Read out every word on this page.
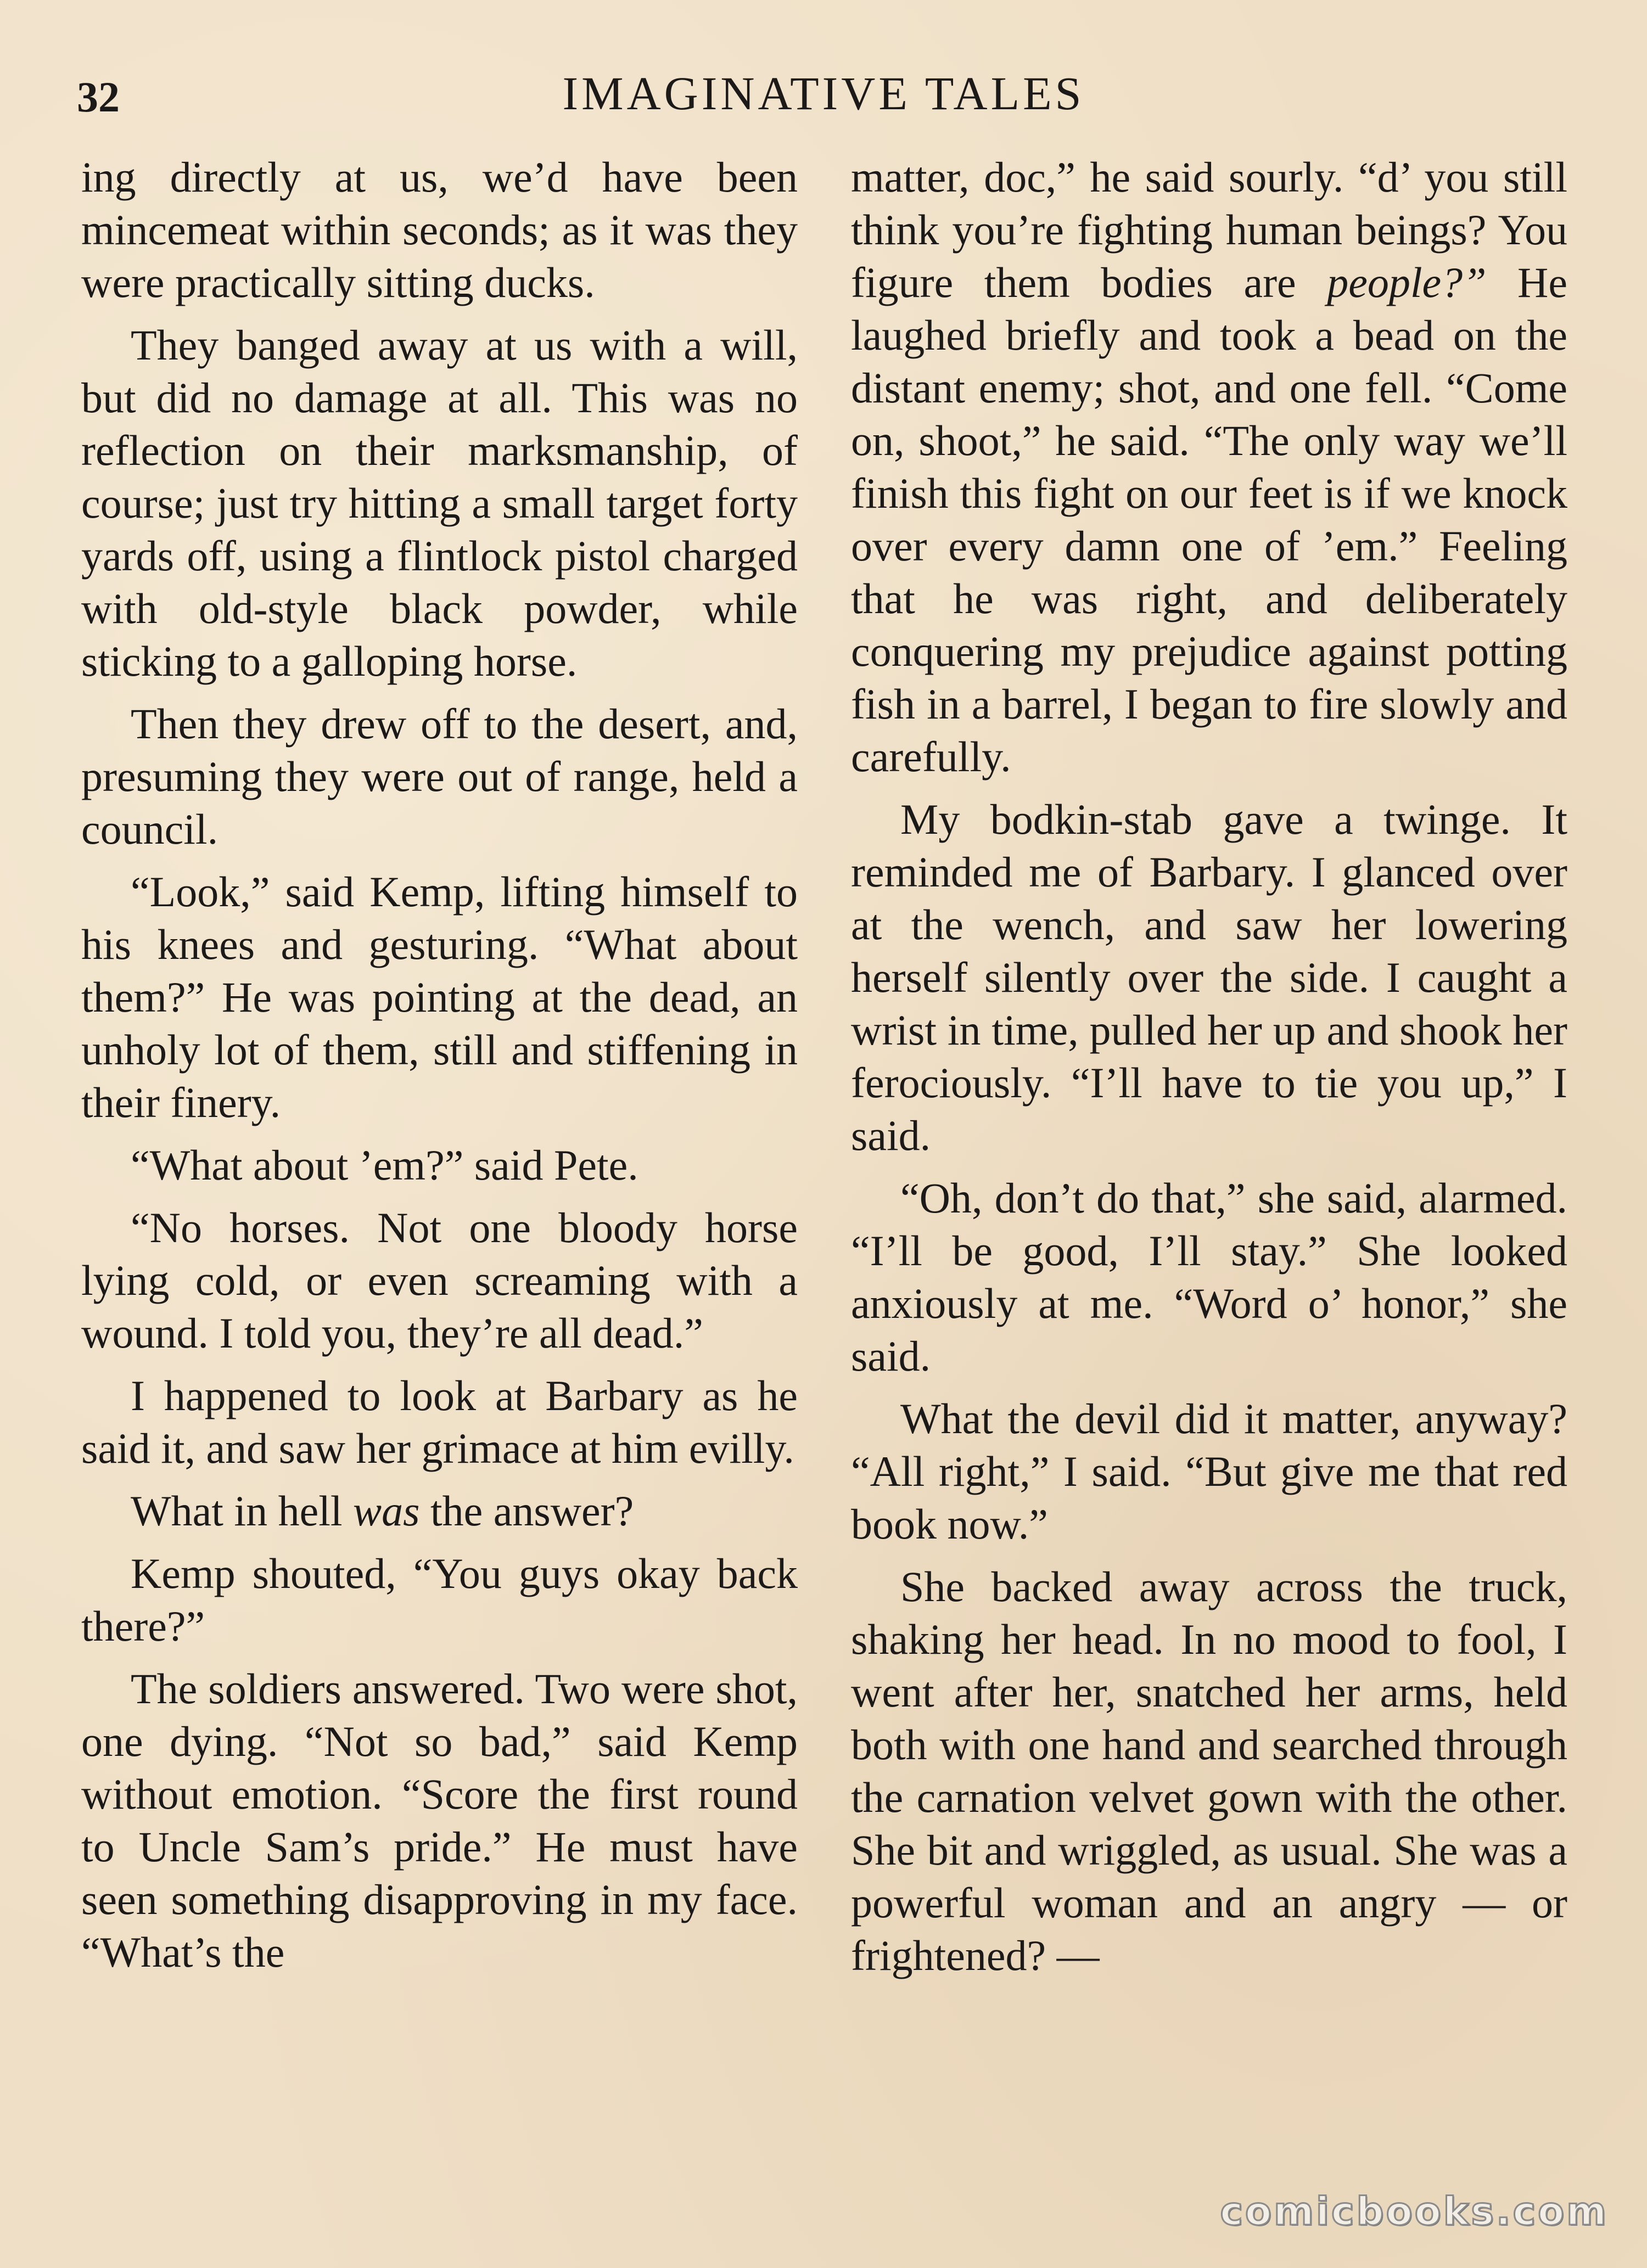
32	IMAGINATIVE TALES

ing directly at us, we’d have been mincemeat within seconds; as it was they were practically sitting ducks.

They banged away at us with a will, but did no damage at all. This was no reflection on their marksmanship, of course; just try hitting a small target forty yards off, using a flintlock pistol charged with old-style black powder, while sticking to a galloping horse.

Then they drew off to the desert, and, presuming they were out of range, held a council.

“Look,” said Kemp, lifting himself to his knees and gesturing. “What about them?” He was pointing at the dead, an unholy lot of them, still and stiffening in their finery.

“What about ’em?” said Pete.

“No horses. Not one bloody horse lying cold, or even screaming with a wound. I told you, they’re all dead.”

I happened to look at Barbary as he said it, and saw her grimace at him evilly.

What in hell was the answer?

Kemp shouted, “You guys okay back there?”

The soldiers answered. Two were shot, one dying. “Not so bad,” said Kemp without emotion. “Score the first round to Uncle Sam’s pride.” He must have seen something disapproving in my face. “What’s the

matter, doc,” he said sourly. “d’ you still think you’re fighting human beings? You figure them bodies are people?” He laughed briefly and took a bead on the distant enemy; shot, and one fell. “Come on, shoot,” he said. “The only way we’ll finish this fight on our feet is if we knock over every damn one of ’em.” Feeling that he was right, and deliberately conquering my prejudice against potting fish in a barrel, I began to fire slowly and carefully.

My bodkin-stab gave a twinge. It reminded me of Barbary. I glanced over at the wench, and saw her lowering herself silently over the side. I caught a wrist in time, pulled her up and shook her ferociously. “I’ll have to tie you up,” I said.

“Oh, don’t do that,” she said, alarmed. “I’ll be good, I’ll stay.” She looked anxiously at me. “Word o’ honor,” she said.

What the devil did it matter, anyway? “All right,” I said. “But give me that red book now.”

She backed away across the truck, shaking her head. In no mood to fool, I went after her, snatched her arms, held both with one hand and searched through the carnation velvet gown with the other. She bit and wriggled, as usual. She was a powerful woman and an angry — or frightened? —

comicbooks.com
